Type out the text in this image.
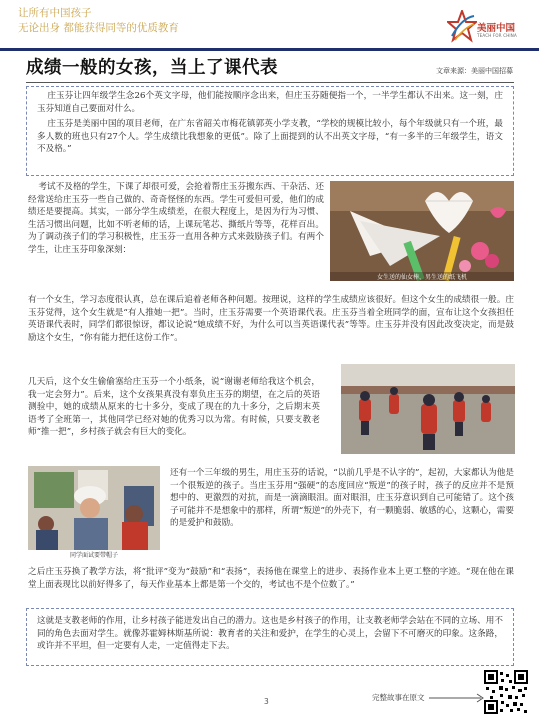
让所有中国孩子
无论出身 都能获得同等的优质教育	美丽中国
TEACH FOR CHINA
成绩一般的女孩，当上了课代表	文章来源：美丽中国招募
庄玉芬让四年级学生念26个英文字母，他们能按顺序念出来，但庄玉芬随便指一个，一半学生都认不出来。这一刻，庄玉芬知道自己要面对什么。
庄玉芬是美丽中国的项目老师，在广东省韶关市梅花镇郭英小学支教，“学校的规模比较小，每个年级就只有一个班，最多人数的班也只有27个人。学生成绩比我想象的更低”。除了上面提到的认不出英文字母，“有一多半的三年级学生，语文不及格。”
考试不及格的学生，下课了却很可爱，会抢着帮庄玉芬搬东西、干杂活、还经常送给庄玉芬一些自己做的、奇奇怪怪的东西。学生可爱但可爱，他们的成绩还是要提高。其实，一部分学生成绩差，在很大程度上，是因为行为习惯、生活习惯出问题，比如不听老师的话，上课玩笔芯、撕纸片等等，花样百出。为了调动孩子们的学习积极性，庄玉芬一直用各种方式来鼓励孩子们。有两个学生，让庄玉芬印象深刻：
女生送的仙女棒、男生送的纸飞机
有一个女生，学习态度很认真，总在课后追着老师各种问题。按理说，这样的学生成绩应该很好。但这个女生的成绩很一般。庄玉芬觉得，这个女生就是“有人推她一把”。当时，庄玉芬需要一个英语课代表。庄玉芬当着全班同学的面，宣布让这个女孩担任英语课代表时，同学们都很惊讶，都议论说“她成绩不好，为什么可以当英语课代表”等等。庄玉芬并没有因此改变决定，而是鼓励这个女生，“你有能力把任这份工作”。
几天后，这个女生偷偷塞给庄玉芬一个小纸条，说“谢谢老师给我这个机会，我一定会努力”。后来，这个女孩果真没有辜负庄玉芬的期望，在之后的英语测验中，她的成绩从原来的七十多分，变成了现在的九十多分，之后期末英语考了全班第一，其他同学已经对她的优秀习以为常。有时候，只要支教老师“推一把”，乡村孩子就会有巨大的变化。
同学面试要带帽子
还有一个三年级的男生，用庄玉芬的话说，“以前几乎是不认字的”，起初，大家都认为他是一个很叛逆的孩子。当庄玉芬用“强硬”的态度回应“叛逆”的孩子时，孩子的反应并不是预想中的、更激烈的对抗，而是一滴滴眼泪。面对眼泪，庄玉芬意识到自己可能错了。这个孩子可能并不是想象中的那样，所谓“叛逆”的外壳下，有一颗脆弱、敏感的心，这颗心，需要的是爱护和鼓励。
之后庄玉芬换了教学方法，将“批评”变为“鼓励”和“表扬”，表扬他在课堂上的进步、表扬作业本上更工整的字迹。“现在他在课堂上面表现比以前好得多了，每天作业基本上都是第一个交的，考试也不是个位数了。”
这就是支教老师的作用，让乡村孩子能迸发出自己的潜力。这也是乡村孩子的作用，让支教老师学会站在不同的立场、用不同的角色去面对学生。就像苏霍姆林斯基所说：教育者的关注和爱护，在学生的心灵上，会留下不可磨灭的印象。这条路，或许并不平坦，但一定要有人走，一定值得走下去。
3	完整故事在原文
